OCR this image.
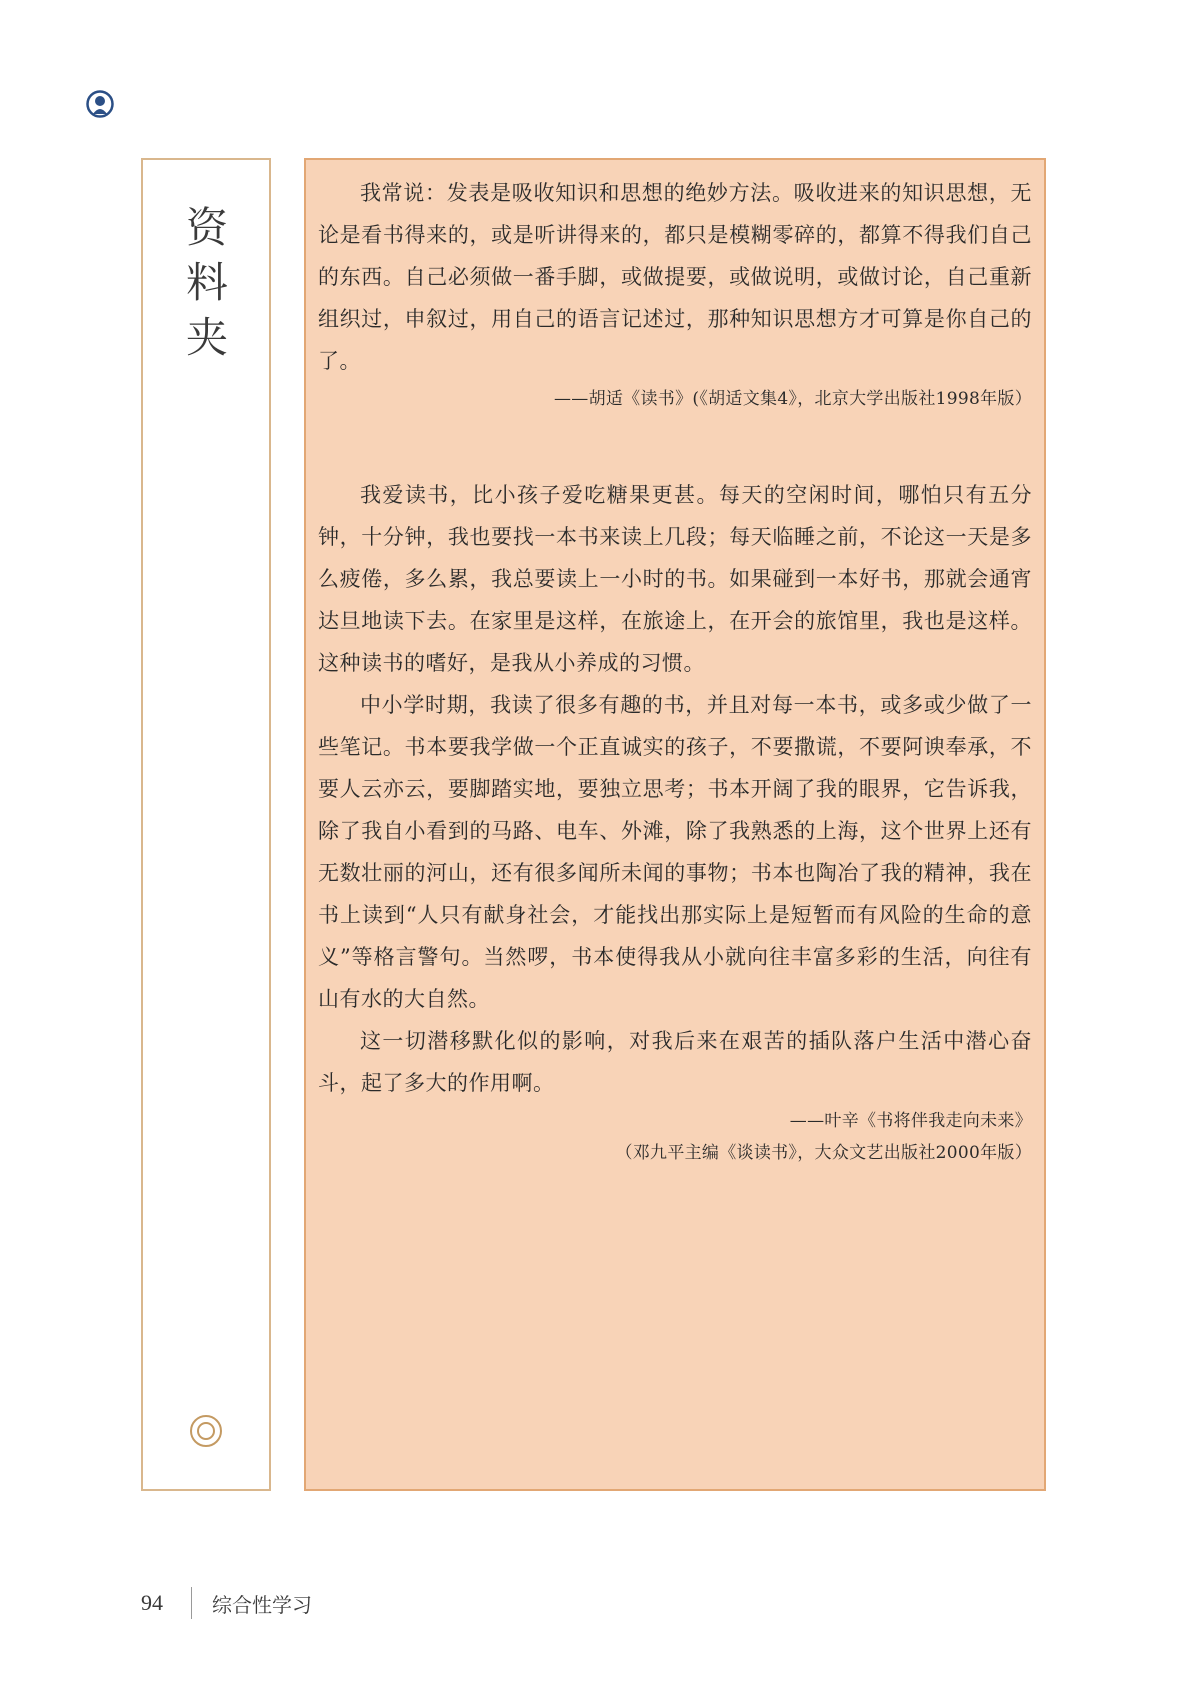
资
料
夹

我常说：发表是吸收知识和思想的绝妙方法。吸收进来的知识思想，无论是看书得来的，或是听讲得来的，都只是模糊零碎的，都算不得我们自己的东西。自己必须做一番手脚，或做提要，或做说明，或做讨论，自己重新组织过，申叙过，用自己的语言记述过，那种知识思想方才可算是你自己的了。

——胡适《读书》(《胡适文集4》，北京大学出版社1998年版）

我爱读书，比小孩子爱吃糖果更甚。每天的空闲时间，哪怕只有五分钟，十分钟，我也要找一本书来读上几段；每天临睡之前，不论这一天是多么疲倦，多么累，我总要读上一小时的书。如果碰到一本好书，那就会通宵达旦地读下去。在家里是这样，在旅途上，在开会的旅馆里，我也是这样。这种读书的嗜好，是我从小养成的习惯。

中小学时期，我读了很多有趣的书，并且对每一本书，或多或少做了一些笔记。书本要我学做一个正直诚实的孩子，不要撒谎，不要阿谀奉承，不要人云亦云，要脚踏实地，要独立思考；书本开阔了我的眼界，它告诉我，除了我自小看到的马路、电车、外滩，除了我熟悉的上海，这个世界上还有无数壮丽的河山，还有很多闻所未闻的事物；书本也陶冶了我的精神，我在书上读到“人只有献身社会，才能找出那实际上是短暂而有风险的生命的意义”等格言警句。当然啰，书本使得我从小就向往丰富多彩的生活，向往有山有水的大自然。

这一切潜移默化似的影响，对我后来在艰苦的插队落户生活中潜心奋斗，起了多大的作用啊。

——叶辛《书将伴我走向未来》

（邓九平主编《谈读书》，大众文艺出版社2000年版）

94 综合性学习
